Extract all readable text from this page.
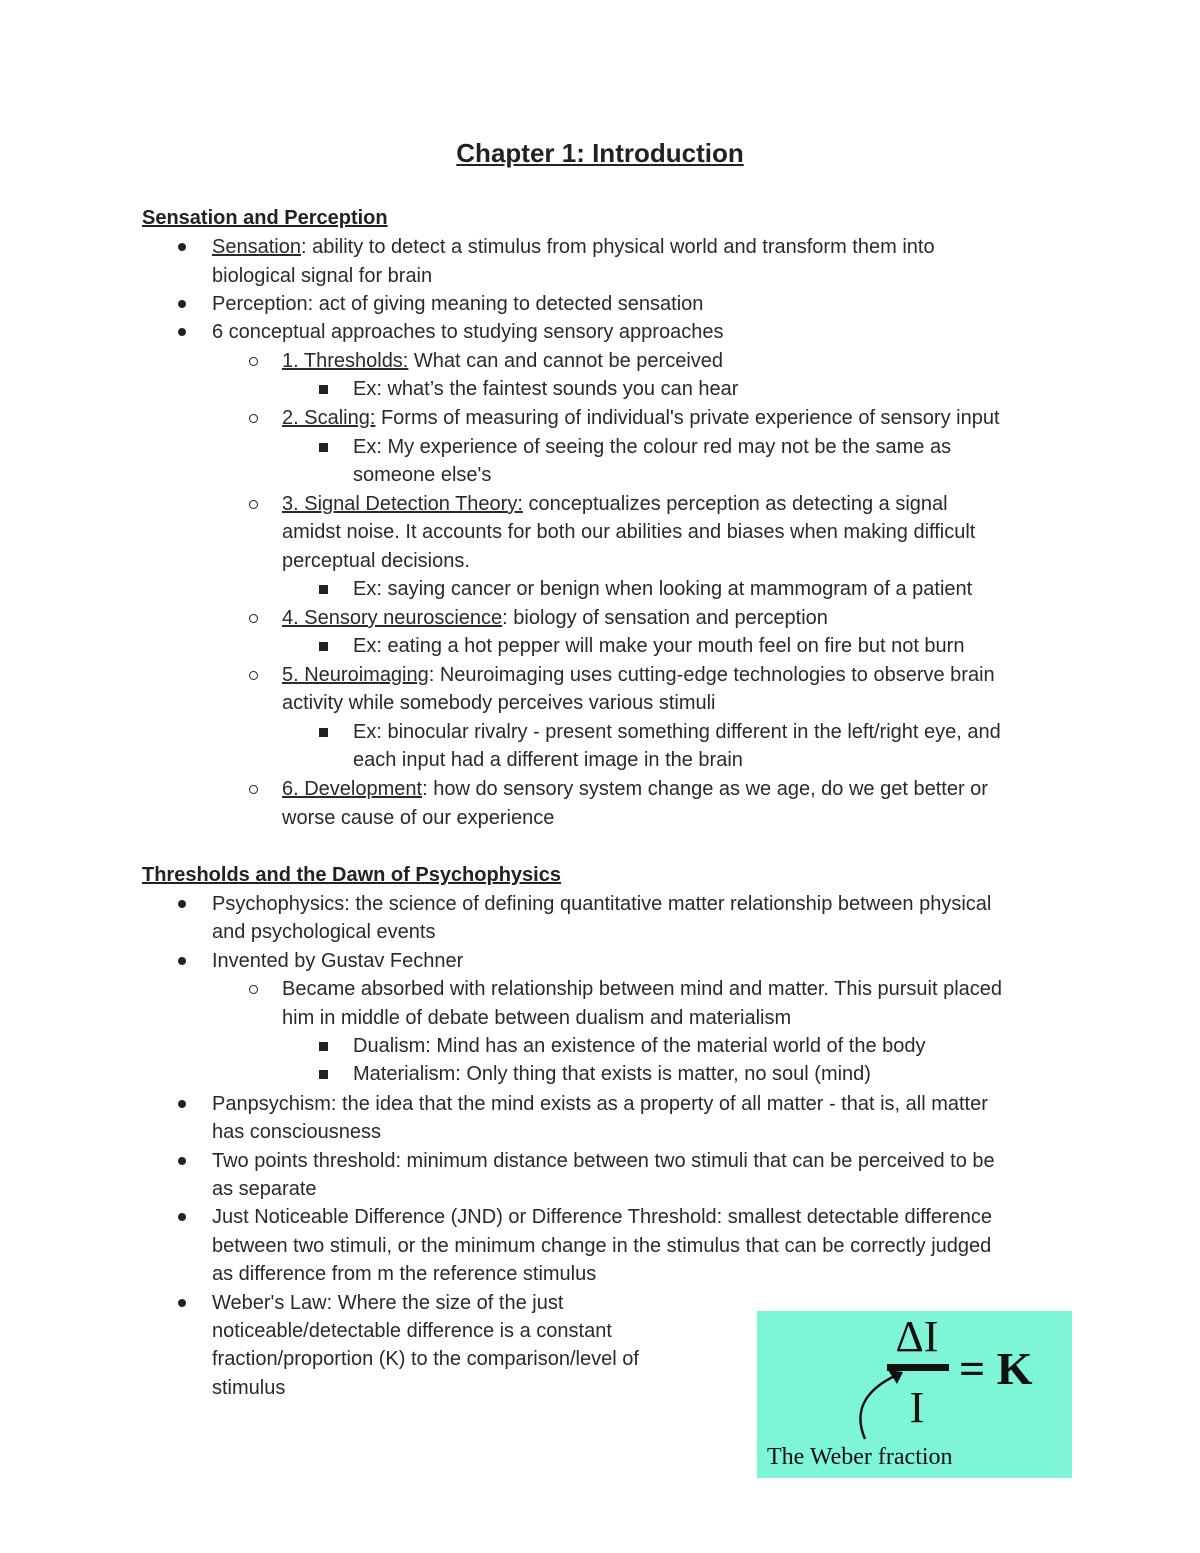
Chapter 1: Introduction
Sensation and Perception
Sensation: ability to detect a stimulus from physical world and transform them into
biological signal for brain
Perception: act of giving meaning to detected sensation
6 conceptual approaches to studying sensory approaches
1. Thresholds: What can and cannot be perceived
Ex: what’s the faintest sounds you can hear
2. Scaling: Forms of measuring of individual's private experience of sensory input
Ex: My experience of seeing the colour red may not be the same as
someone else's
3. Signal Detection Theory: conceptualizes perception as detecting a signal
amidst noise. It accounts for both our abilities and biases when making difficult
perceptual decisions.
Ex: saying cancer or benign when looking at mammogram of a patient
4. Sensory neuroscience: biology of sensation and perception
Ex: eating a hot pepper will make your mouth feel on fire but not burn
5. Neuroimaging: Neuroimaging uses cutting-edge technologies to observe brain
activity while somebody perceives various stimuli
Ex: binocular rivalry - present something different in the left/right eye, and
each input had a different image in the brain
6. Development: how do sensory system change as we age, do we get better or
worse cause of our experience
Thresholds and the Dawn of Psychophysics
Psychophysics: the science of defining quantitative matter relationship between physical
and psychological events
Invented by Gustav Fechner
Became absorbed with relationship between mind and matter. This pursuit placed
him in middle of debate between dualism and materialism
Dualism: Mind has an existence of the material world of the body
Materialism: Only thing that exists is matter, no soul (mind)
Panpsychism: the idea that the mind exists as a property of all matter - that is, all matter
has consciousness
Two points threshold: minimum distance between two stimuli that can be perceived to be
as separate
Just Noticeable Difference (JND) or Difference Threshold: smallest detectable difference
between two stimuli, or the minimum change in the stimulus that can be correctly judged
as difference from m the reference stimulus
Weber's Law: Where the size of the just
noticeable/detectable difference is a constant
fraction/proportion (K) to the comparison/level of
stimulus
ΔI
I
= K
The Weber fraction
